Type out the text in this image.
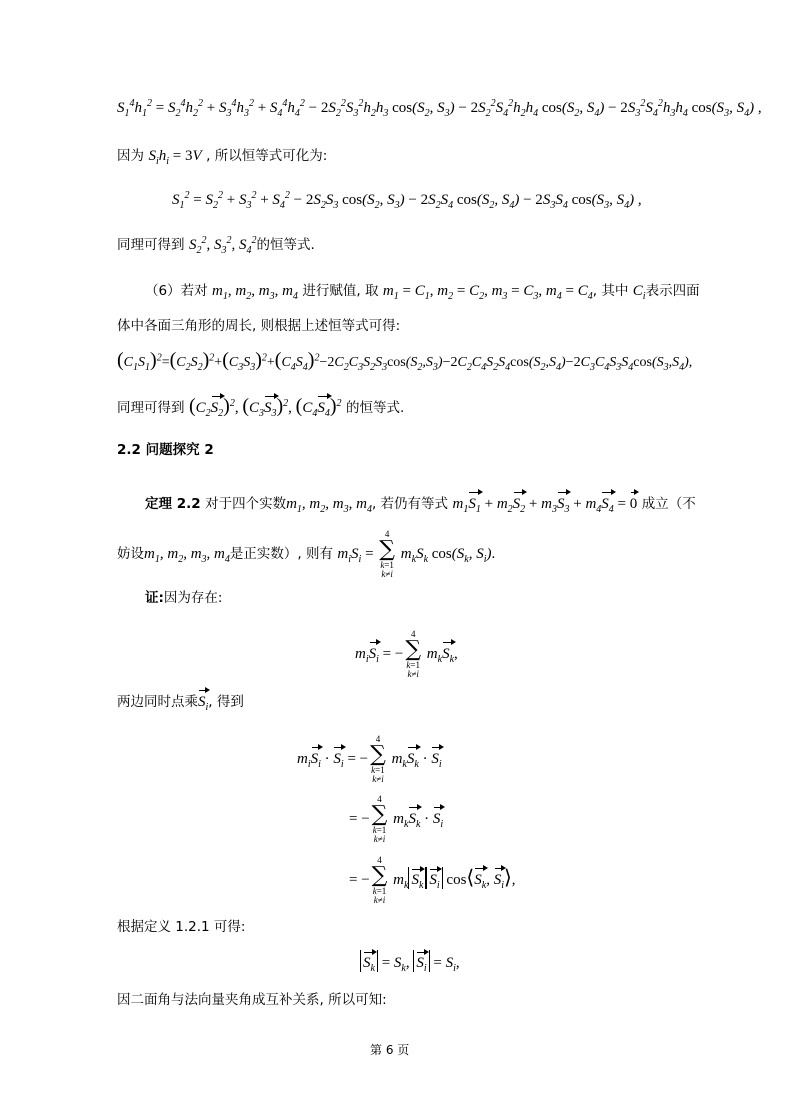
$S_1^4h_1^2 = S_2^4h_2^2 + S_3^4h_3^2 + S_4^4h_4^2 - 2S_2^2S_3^2h_2h_3$ $\cos(S_2$, $S_3) - 2S_2^2S_4^2h_2h_4$ $\cos(S_2$, $S_4) - 2S_3^2S_4^2h_3h_4$ $\cos(S_3$, $S_4$) ,
因为 $S_ih_i = 3V$ , 所以恒等式可化为:
$S_1^2 = S_2^2 + S_3^2 + S_4^2 - 2S_2S_3$ $\cos(S_2$, $S_3) - 2S_2S_4$ $\cos(S_2$, $S_4) - 2S_3S_4$ $\cos(S_3$, $S_4$) ,
同理可得到 $S_2^2$, $S_3^2$, $S_4^2$的恒等式.
（6）若对 $m_1$, $m_2$, $m_3$, $m_4$ 进行赋值, 取 $m_1 = C_1$, $m_2 = C_2$, $m_3 = C_3$, $m_4 = C_4$, 其中 $C_i$表示四面
体中各面三角形的周长, 则根据上述恒等式可得:
$(C_1S_1)^2=(C_2S_2)^2+(C_3S_3)^2+(C_4S_4)^2-2C_2C_3S_2S_3\cos(S_2,S_3)-2C_2C_4S_2S_4\cos(S_2,S_4)-2C_3C_4S_3S_4\cos(S_3,S_4)$,
同理可得到 $(C_2S_2)^2$, $(C_3S_3)^2$, $(C_4S_4)^2$ 的恒等式.
2.2 问题探究 2
定理 2.2 对于四个实数$m_1$, $m_2$, $m_3$, $m_4$, 若仍有等式 $m_1S_1 + m_2S_2 + m_3S_3 + m_4S_4 = 0$ 成立（不
妨设$m_1$, $m_2$, $m_3$, $m_4$是正实数）, 则有 $m_iS_i$ =
4
∑
k=1
k≠i
$m_kS_k$ $\cos(S_k$, $S_i$).
证:因为存在:
$m_iS_i$ = −
4
∑
k=1
k≠i
$m_kS_k$,
两边同时点乘$S_i$, 得到
$m_iS_i \cdot S_i$ = −
4
∑
k=1
k≠i
$m_kS_k \cdot S_i$
= −
4
∑
k=1
k≠i
$m_kS_k \cdot S_i$
= −
4
∑
k=1
k≠i
$m_k$ $S_k$ $S_i$ $\cos⟨S_k$, $S_i⟩$,
根据定义 1.2.1 可得:
$S_k = S_k$, $S_i = S_i$,
因二面角与法向量夹角成互补关系, 所以可知:
第 6 页
